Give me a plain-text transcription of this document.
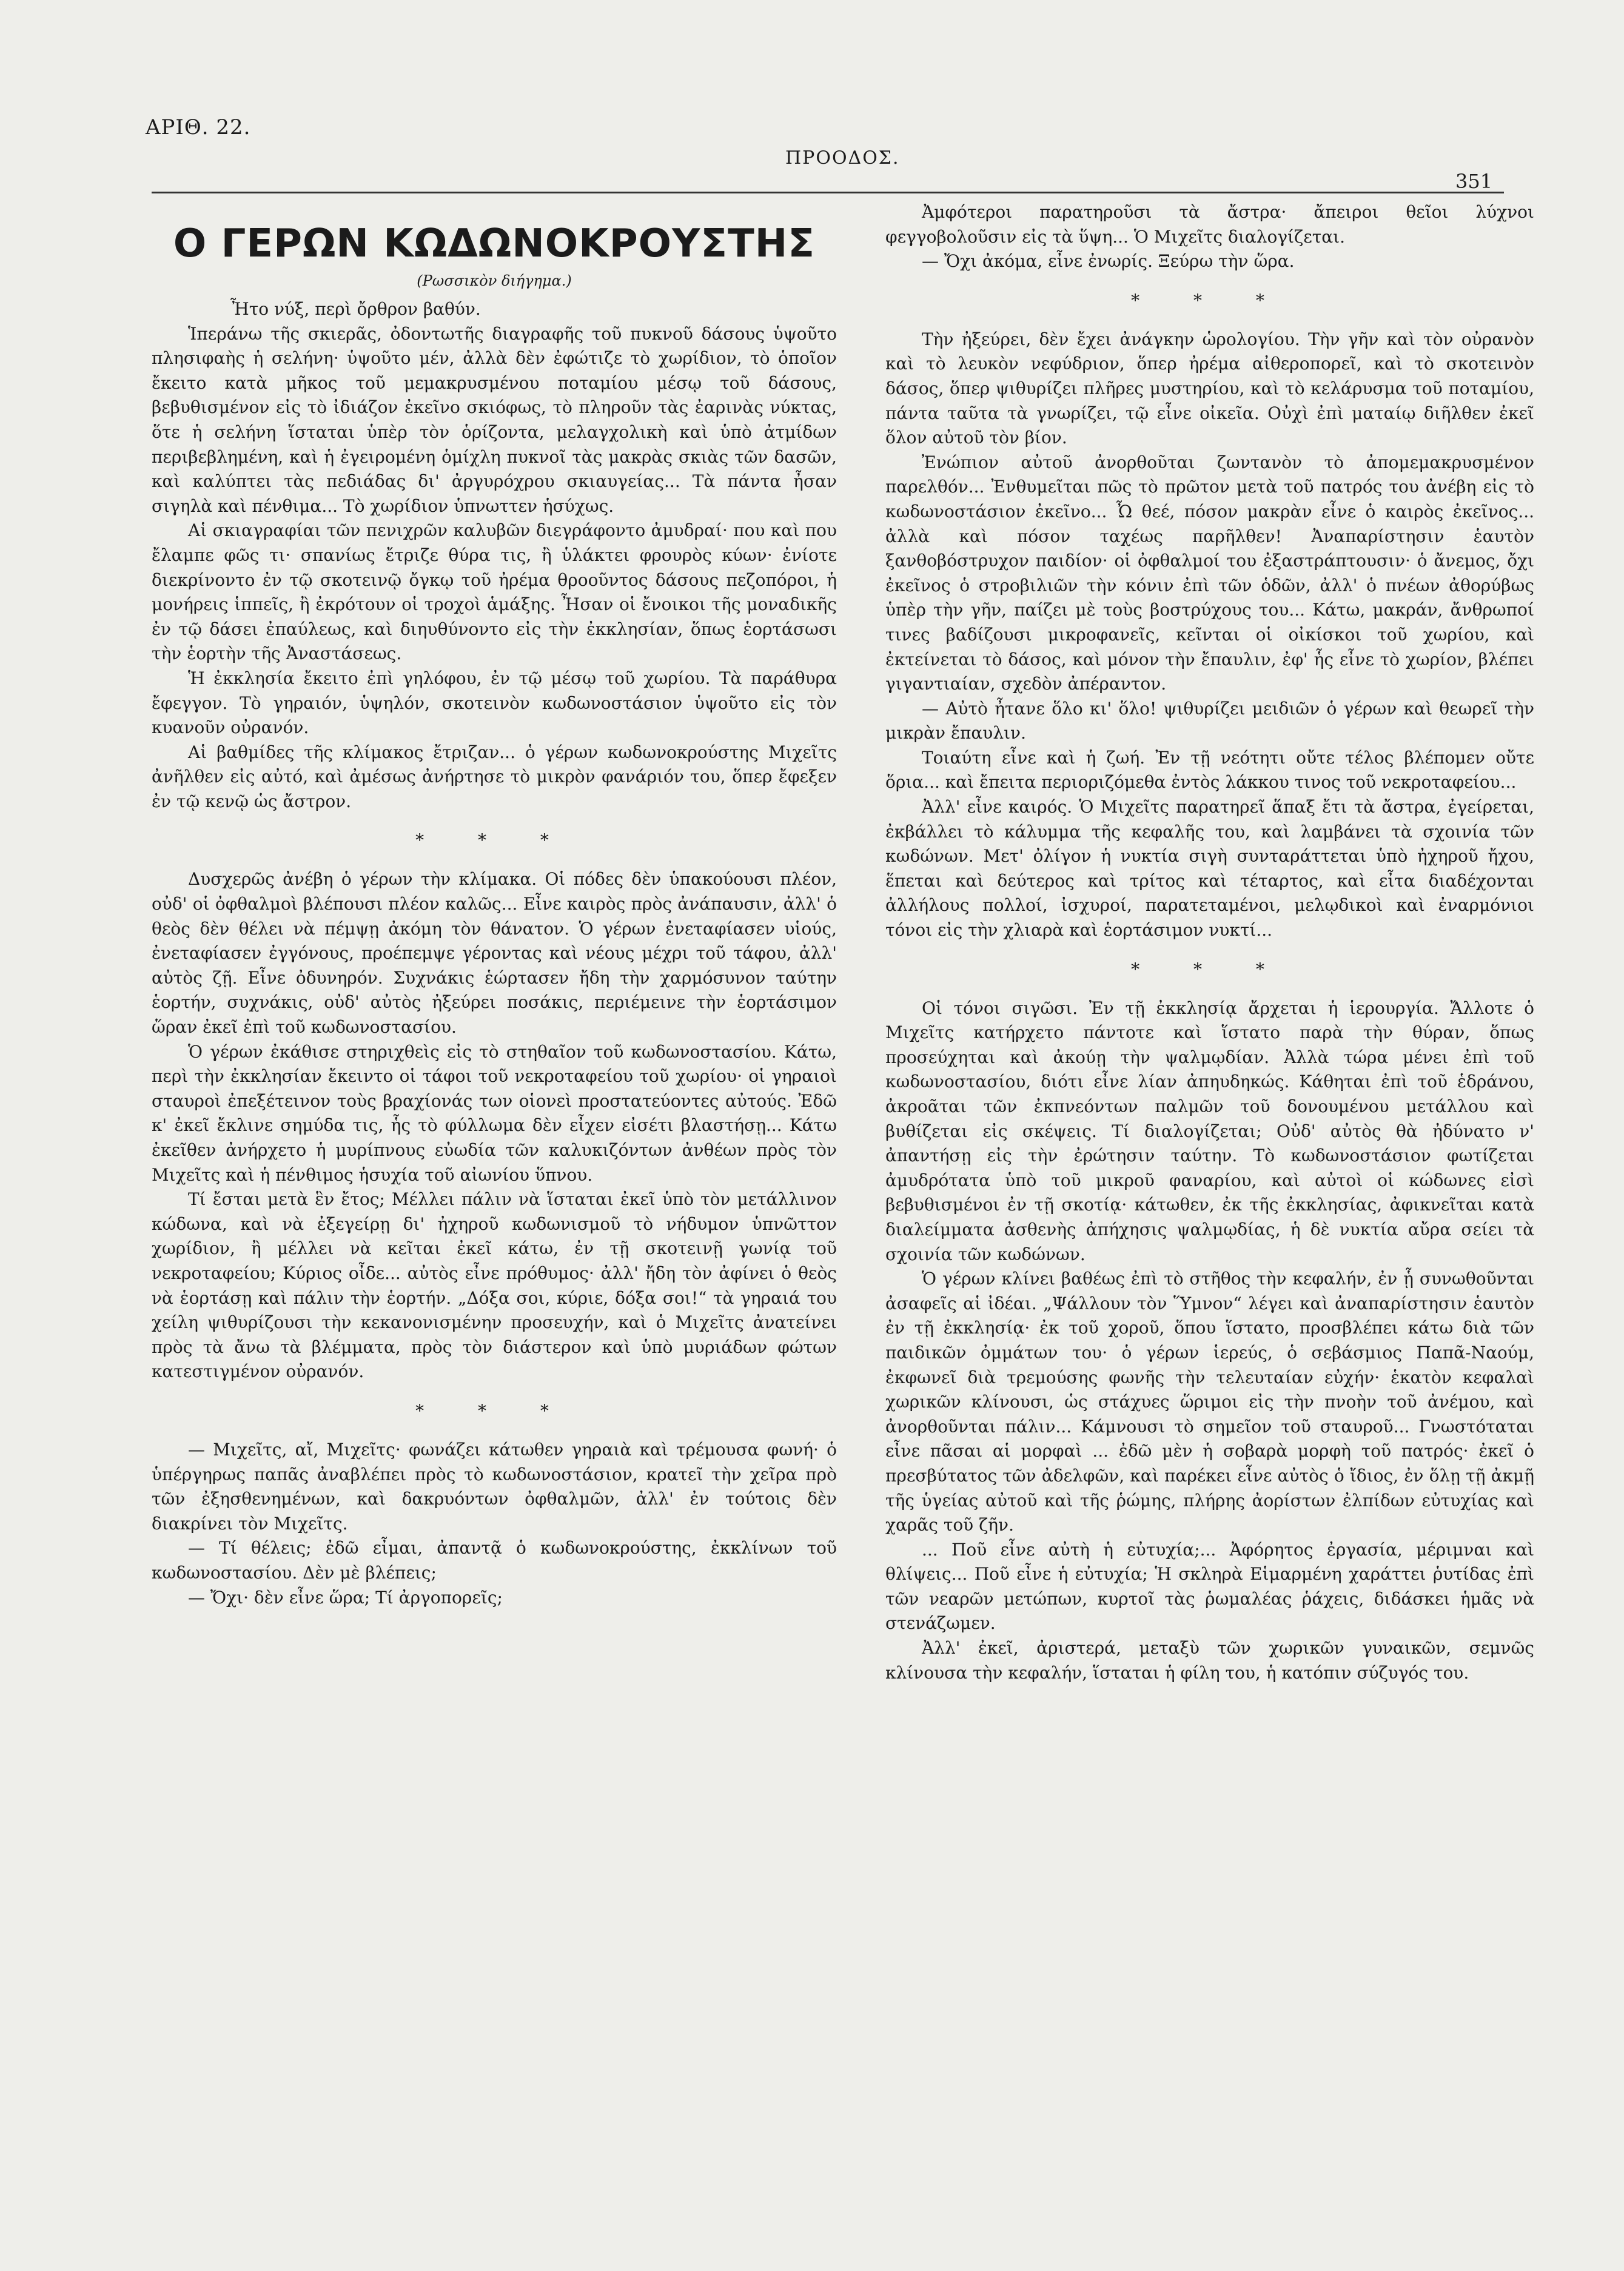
ΑΡΙΘ. 22.
ΠΡΟΟΔΟΣ.
351
Ο ΓΕΡΩΝ ΚΩΔΩΝΟΚΡΟΥΣΤΗΣ
(Ρωσσικὸν διήγημα.)

Ἦτο νύξ, περὶ ὄρθρον βαθύν.

Ἱπεράνω τῆς σκιερᾶς, ὀδοντωτῆς διαγραφῆς τοῦ πυκνοῦ δάσους ὑψοῦτο πλησιφαὴς ἡ σελήνη· ὑψοῦτο μέν, ἀλλὰ δὲν ἐφώτιζε τὸ χωρίδιον, τὸ ὁποῖον ἔκειτο κατὰ μῆκος τοῦ μεμακρυσμένου ποταμίου μέσῳ τοῦ δάσους, βεβυθισμένον εἰς τὸ ἰδιάζον ἐκεῖνο σκιόφως, τὸ πληροῦν τὰς ἐαρινὰς νύκτας, ὅτε ἡ σελήνη ἵσταται ὑπὲρ τὸν ὁρίζοντα, μελαγχολικὴ καὶ ὑπὸ ἀτμίδων περιβεβλημένη, καὶ ἡ ἐγειρομένη ὁμίχλη πυκνοῖ τὰς μακρὰς σκιὰς τῶν δασῶν, καὶ καλύπτει τὰς πεδιάδας δι' ἀργυρόχρου σκιαυγείας... Τὰ πάντα ἦσαν σιγηλὰ καὶ πένθιμα... Τὸ χωρίδιον ὑπνωττεν ἡσύχως.

Αἱ σκιαγραφίαι τῶν πενιχρῶν καλυβῶν διεγράφοντο ἀμυδραί· που καὶ που ἔλαμπε φῶς τι· σπανίως ἔτριζε θύρα τις, ἢ ὑλάκτει φρουρὸς κύων· ἐνίοτε διεκρίνοντο ἐν τῷ σκοτεινῷ ὄγκῳ τοῦ ἠρέμα θροοῦντος δάσους πεζοπόροι, ἡ μονήρεις ἱππεῖς, ἢ ἐκρότουν οἱ τροχοὶ ἁμάξης. Ἦσαν οἱ ἔνοικοι τῆς μοναδικῆς ἐν τῷ δάσει ἐπαύλεως, καὶ διηυθύνοντο εἰς τὴν ἐκκλησίαν, ὅπως ἑορτάσωσι τὴν ἑορτὴν τῆς Ἀναστάσεως.

Ἡ ἐκκλησία ἔκειτο ἐπὶ γηλόφου, ἐν τῷ μέσῳ τοῦ χωρίου. Τὰ παράθυρα ἔφεγγον. Τὸ γηραιόν, ὑψηλόν, σκοτεινὸν κωδωνοστάσιον ὑψοῦτο εἰς τὸν κυανοῦν οὐρανόν.

Αἱ βαθμίδες τῆς κλίμακος ἔτριζαν... ὁ γέρων κωδωνοκρούστης Μιχεῖτς ἀνῆλθεν εἰς αὐτό, καὶ ἀμέσως ἀνήρτησε τὸ μικρὸν φανάριόν του, ὅπερ ἔφεξεν ἐν τῷ κενῷ ὡς ἄστρον.

* * *

Δυσχερῶς ἀνέβη ὁ γέρων τὴν κλίμακα. Οἱ πόδες δὲν ὑπακούουσι πλέον, οὐδ' οἱ ὀφθαλμοὶ βλέπουσι πλέον καλῶς... Εἶνε καιρὸς πρὸς ἀνάπαυσιν, ἀλλ' ὁ θεὸς δὲν θέλει νὰ πέμψῃ ἀκόμη τὸν θάνατον. Ὁ γέρων ἐνεταφίασεν υἱούς, ἐνεταφίασεν ἐγγόνους, προέπεμψε γέροντας καὶ νέους μέχρι τοῦ τάφου, ἀλλ' αὐτὸς ζῇ. Εἶνε ὀδυνηρόν. Συχνάκις ἑώρτασεν ἤδη τὴν χαρμόσυνον ταύτην ἑορτήν, συχνάκις, οὐδ' αὐτὸς ἠξεύρει ποσάκις, περιέμεινε τὴν ἑορτάσιμον ὥραν ἐκεῖ ἐπὶ τοῦ κωδωνοστασίου.

Ὁ γέρων ἐκάθισε στηριχθεὶς εἰς τὸ στηθαῖον τοῦ κωδωνοστασίου. Κάτω, περὶ τὴν ἐκκλησίαν ἔκειντο οἱ τάφοι τοῦ νεκροταφείου τοῦ χωρίου· οἱ γηραιοὶ σταυροὶ ἐπεξέτεινον τοὺς βραχίονάς των οἱονεὶ προστατεύοντες αὐτούς. Ἐδῶ κ' ἐκεῖ ἔκλινε σημύδα τις, ἧς τὸ φύλλωμα δὲν εἶχεν εἰσέτι βλαστήσῃ... Κάτω ἐκεῖθεν ἀνήρχετο ἡ μυρίπνους εὐωδία τῶν καλυκιζόντων ἀνθέων πρὸς τὸν Μιχεῖτς καὶ ἡ πένθιμος ἡσυχία τοῦ αἰωνίου ὕπνου.

Τί ἔσται μετὰ ἓν ἔτος; Μέλλει πάλιν νὰ ἵσταται ἐκεῖ ὑπὸ τὸν μετάλλινον κώδωνα, καὶ νὰ ἐξεγείρῃ δι' ἠχηροῦ κωδωνισμοῦ τὸ νήδυμον ὑπνῶττον χωρίδιον, ἢ μέλλει νὰ κεῖται ἐκεῖ κάτω, ἐν τῇ σκοτεινῇ γωνίᾳ τοῦ νεκροταφείου; Κύριος οἶδε... αὐτὸς εἶνε πρόθυμος· ἀλλ' ἤδη τὸν ἀφίνει ὁ θεὸς νὰ ἑορτάσῃ καὶ πάλιν τὴν ἑορτήν. „Δόξα σοι, κύριε, δόξα σοι!“ τὰ γηραιά του χείλη ψιθυρίζουσι τὴν κεκανονισμένην προσευχήν, καὶ ὁ Μιχεῖτς ἀνατείνει πρὸς τὰ ἄνω τὰ βλέμματα, πρὸς τὸν διάστερον καὶ ὑπὸ μυριάδων φώτων κατεστιγμένον οὐρανόν.

* * *

— Μιχεῖτς, αἴ, Μιχεῖτς· φωνάζει κάτωθεν γηραιὰ καὶ τρέμουσα φωνή· ὁ ὑπέργηρως παπᾶς ἀναβλέπει πρὸς τὸ κωδωνοστάσιον, κρατεῖ τὴν χεῖρα πρὸ τῶν ἐξησθενημένων, καὶ δακρυόντων ὀφθαλμῶν, ἀλλ' ἐν τούτοις δὲν διακρίνει τὸν Μιχεῖτς.

— Τί θέλεις; ἐδῶ εἶμαι, ἀπαντᾷ ὁ κωδωνοκρούστης, ἐκκλίνων τοῦ κωδωνοστασίου. Δὲν μὲ βλέπεις;

— Ὄχι· δὲν εἶνε ὥρα; Τί ἀργοπορεῖς;

Ἀμφότεροι παρατηροῦσι τὰ ἄστρα· ἄπειροι θεῖοι λύχνοι φεγγοβολοῦσιν εἰς τὰ ὕψη... Ὁ Μιχεῖτς διαλογίζεται.

— Ὄχι ἀκόμα, εἶνε ἐνωρίς. Ξεύρω τὴν ὥρα.

* * *

Τὴν ἠξεύρει, δὲν ἔχει ἀνάγκην ὡρολογίου. Τὴν γῆν καὶ τὸν οὐρανὸν καὶ τὸ λευκὸν νεφύδριον, ὅπερ ἠρέμα αἰθεροπορεῖ, καὶ τὸ σκοτεινὸν δάσος, ὅπερ ψιθυρίζει πλῆρες μυστηρίου, καὶ τὸ κελάρυσμα τοῦ ποταμίου, πάντα ταῦτα τὰ γνωρίζει, τῷ εἶνε οἰκεῖα. Οὐχὶ ἐπὶ ματαίῳ διῆλθεν ἐκεῖ ὅλον αὐτοῦ τὸν βίον.

Ἐνώπιον αὐτοῦ ἀνορθοῦται ζωντανὸν τὸ ἀπομεμακρυσμένον παρελθόν... Ἐνθυμεῖται πῶς τὸ πρῶτον μετὰ τοῦ πατρός του ἀνέβη εἰς τὸ κωδωνοστάσιον ἐκεῖνο... Ὦ θεέ, πόσον μακρὰν εἶνε ὁ καιρὸς ἐκεῖνος... ἀλλὰ καὶ πόσον ταχέως παρῆλθεν! Ἀναπαρίστησιν ἑαυτὸν ξανθοβόστρυχον παιδίον· οἱ ὀφθαλμοί του ἐξαστράπτουσιν· ὁ ἄνεμος, ὄχι ἐκεῖνος ὁ στροβιλιῶν τὴν κόνιν ἐπὶ τῶν ὁδῶν, ἀλλ' ὁ πνέων ἀθορύβως ὑπὲρ τὴν γῆν, παίζει μὲ τοὺς βοστρύχους του... Κάτω, μακράν, ἄνθρωποί τινες βαδίζουσι μικροφανεῖς, κεῖνται οἱ οἰκίσκοι τοῦ χωρίου, καὶ ἐκτείνεται τὸ δάσος, καὶ μόνον τὴν ἔπαυλιν, ἐφ' ἧς εἶνε τὸ χωρίον, βλέπει γιγαντιαίαν, σχεδὸν ἀπέραντον.

— Αὐτὸ ἦτανε ὅλο κι' ὅλο! ψιθυρίζει μειδιῶν ὁ γέρων καὶ θεωρεῖ τὴν μικρὰν ἔπαυλιν.

Τοιαύτη εἶνε καὶ ἡ ζωή. Ἐν τῇ νεότητι οὔτε τέλος βλέπομεν οὔτε ὅρια... καὶ ἔπειτα περιοριζόμεθα ἐντὸς λάκκου τινος τοῦ νεκροταφείου...

Ἀλλ' εἶνε καιρός. Ὁ Μιχεῖτς παρατηρεῖ ἅπαξ ἔτι τὰ ἄστρα, ἐγείρεται, ἐκβάλλει τὸ κάλυμμα τῆς κεφαλῆς του, καὶ λαμβάνει τὰ σχοινία τῶν κωδώνων. Μετ' ὀλίγον ἡ νυκτία σιγὴ συνταράττεται ὑπὸ ἠχηροῦ ἤχου, ἕπεται καὶ δεύτερος καὶ τρίτος καὶ τέταρτος, καὶ εἶτα διαδέχονται ἀλλήλους πολλοί, ἰσχυροί, παρατεταμένοι, μελῳδικοὶ καὶ ἐναρμόνιοι τόνοι εἰς τὴν χλιαρὰ καὶ ἑορτάσιμον νυκτί...

* * *

Οἱ τόνοι σιγῶσι. Ἐν τῇ ἐκκλησίᾳ ἄρχεται ἡ ἱερουργία. Ἄλλοτε ὁ Μιχεῖτς κατήρχετο πάντοτε καὶ ἵστατο παρὰ τὴν θύραν, ὅπως προσεύχηται καὶ ἀκούῃ τὴν ψαλμῳδίαν. Ἀλλὰ τώρα μένει ἐπὶ τοῦ κωδωνοστασίου, διότι εἶνε λίαν ἀπηυδηκώς. Κάθηται ἐπὶ τοῦ ἑδράνου, ἀκροᾶται τῶν ἐκπνεόντων παλμῶν τοῦ δονουμένου μετάλλου καὶ βυθίζεται εἰς σκέψεις. Τί διαλογίζεται; Οὐδ' αὐτὸς θὰ ἠδύνατο ν' ἀπαντήσῃ εἰς τὴν ἐρώτησιν ταύτην. Τὸ κωδωνοστάσιον φωτίζεται ἀμυδρότατα ὑπὸ τοῦ μικροῦ φαναρίου, καὶ αὐτοὶ οἱ κώδωνες εἰσὶ βεβυθισμένοι ἐν τῇ σκοτίᾳ· κάτωθεν, ἐκ τῆς ἐκκλησίας, ἀφικνεῖται κατὰ διαλείμματα ἀσθενὴς ἀπήχησις ψαλμῳδίας, ἡ δὲ νυκτία αὔρα σείει τὰ σχοινία τῶν κωδώνων.

Ὁ γέρων κλίνει βαθέως ἐπὶ τὸ στῆθος τὴν κεφαλήν, ἐν ᾗ συνωθοῦνται ἀσαφεῖς αἱ ἰδέαι. „Ψάλλουν τὸν Ὕμνον“ λέγει καὶ ἀναπαρίστησιν ἑαυτὸν ἐν τῇ ἐκκλησίᾳ· ἐκ τοῦ χοροῦ, ὅπου ἵστατο, προσβλέπει κάτω διὰ τῶν παιδικῶν ὀμμάτων του· ὁ γέρων ἱερεύς, ὁ σεβάσμιος Παπᾶ-Ναούμ, ἐκφωνεῖ διὰ τρεμούσης φωνῆς τὴν τελευταίαν εὐχήν· ἑκατὸν κεφαλαὶ χωρικῶν κλίνουσι, ὡς στάχυες ὥριμοι εἰς τὴν πνοὴν τοῦ ἀνέμου, καὶ ἀνορθοῦνται πάλιν... Κάμνουσι τὸ σημεῖον τοῦ σταυροῦ... Γνωστόταται εἶνε πᾶσαι αἱ μορφαὶ ... ἐδῶ μὲν ἡ σοβαρὰ μορφὴ τοῦ πατρός· ἐκεῖ ὁ πρεσβύτατος τῶν ἀδελφῶν, καὶ παρέκει εἶνε αὐτὸς ὁ ἴδιος, ἐν ὅλῃ τῇ ἀκμῇ τῆς ὑγείας αὐτοῦ καὶ τῆς ῥώμης, πλήρης ἀορίστων ἐλπίδων εὐτυχίας καὶ χαρᾶς τοῦ ζῆν.

... Ποῦ εἶνε αὐτὴ ἡ εὐτυχία;... Ἀφόρητος ἐργασία, μέριμναι καὶ θλίψεις... Ποῦ εἶνε ἡ εὐτυχία; Ἡ σκληρὰ Εἱμαρμένη χαράττει ῥυτίδας ἐπὶ τῶν νεαρῶν μετώπων, κυρτοῖ τὰς ῥωμαλέας ῥάχεις, διδάσκει ἡμᾶς νὰ στενάζωμεν.

Ἀλλ' ἐκεῖ, ἀριστερά, μεταξὺ τῶν χωρικῶν γυναικῶν, σεμνῶς κλίνουσα τὴν κεφαλήν, ἵσταται ἡ φίλη του, ἡ κατόπιν σύζυγός του.
